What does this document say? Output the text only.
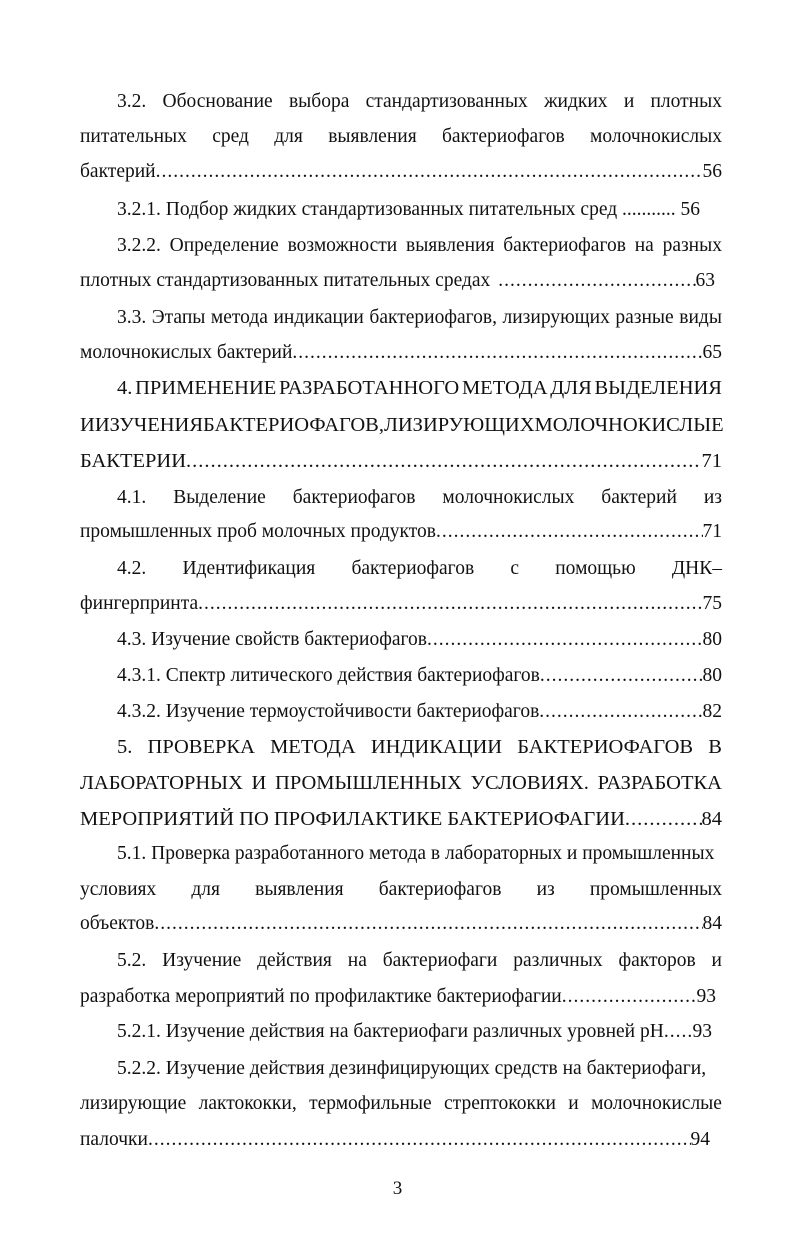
3.2. Обоснование выбора стандартизованных жидких и плотных
питательных сред для выявления бактериофагов молочнокислых
бактерий .....	56
3.2.1. Подбор жидких стандартизованных питательных сред ........... 56
3.2.2. Определение возможности выявления бактериофагов на разных
плотных стандартизованных питательных средах .....	63
3.3. Этапы метода индикации бактериофагов, лизирующих разные виды
молочнокислых бактерий .....	65
4. ПРИМЕНЕНИЕ РАЗРАБОТАННОГО МЕТОДА ДЛЯ ВЫДЕЛЕНИЯ
И ИЗУЧЕНИЯ БАКТЕРИОФАГОВ, ЛИЗИРУЮЩИХ МОЛОЧНОКИСЛЫЕ
БАКТЕРИИ .....	71
4.1. Выделение бактериофагов молочнокислых бактерий из
промышленных проб молочных продуктов .....	71
4.2. Идентификация бактериофагов с помощью ДНК–
фингерпринта .....	75
4.3. Изучение свойств бактериофагов .....	80
4.3.1. Спектр литического действия бактериофагов .....	80
4.3.2. Изучение термоустойчивости бактериофагов .....	82
5. ПРОВЕРКА МЕТОДА ИНДИКАЦИИ БАКТЕРИОФАГОВ В
ЛАБОРАТОРНЫХ И ПРОМЫШЛЕННЫХ УСЛОВИЯХ. РАЗРАБОТКА
МЕРОПРИЯТИЙ ПО ПРОФИЛАКТИКЕ БАКТЕРИОФАГИИ .....	84
5.1. Проверка разработанного метода в лабораторных и промышленных
условиях для выявления бактериофагов из промышленных
объектов .....	84
5.2. Изучение действия на бактериофаги различных факторов и
разработка мероприятий по профилактике бактериофагии .....	93
5.2.1. Изучение действия на бактериофаги различных уровней рН ..... 93
5.2.2. Изучение действия дезинфицирующих средств на бактериофаги,
лизирующие лактококки, термофильные стрептококки и молочнокислые
палочки .....	94
3
